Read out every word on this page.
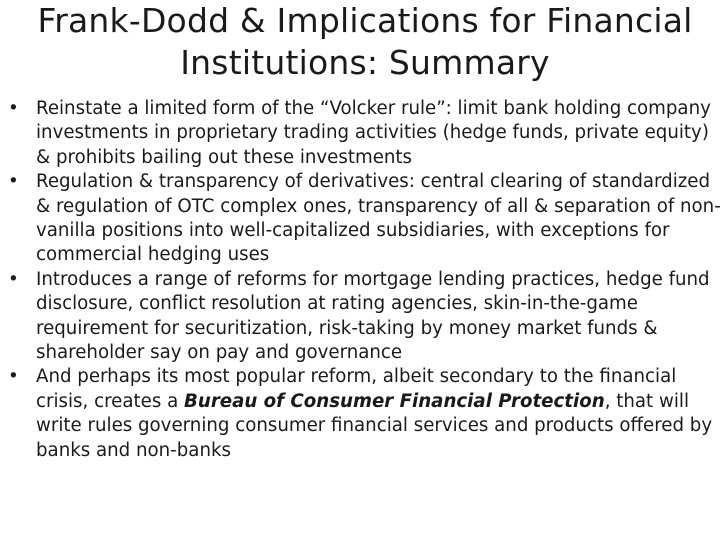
Frank-Dodd & Implications for Financial Institutions: Summary
• Reinstate a limited form of the “Volcker rule”: limit bank holding company investments in proprietary trading activities (hedge funds, private equity) & prohibits bailing out these investments
• Regulation & transparency of derivatives: central clearing of standardized & regulation of OTC complex ones, transparency of all & separation of non-vanilla positions into well-capitalized subsidiaries, with exceptions for commercial hedging uses
• Introduces a range of reforms for mortgage lending practices, hedge fund disclosure, conflict resolution at rating agencies, skin-in-the-game requirement for securitization, risk-taking by money market funds & shareholder say on pay and governance
• And perhaps its most popular reform, albeit secondary to the financial crisis, creates a Bureau of Consumer Financial Protection, that will write rules governing consumer financial services and products offered by banks and non-banks
